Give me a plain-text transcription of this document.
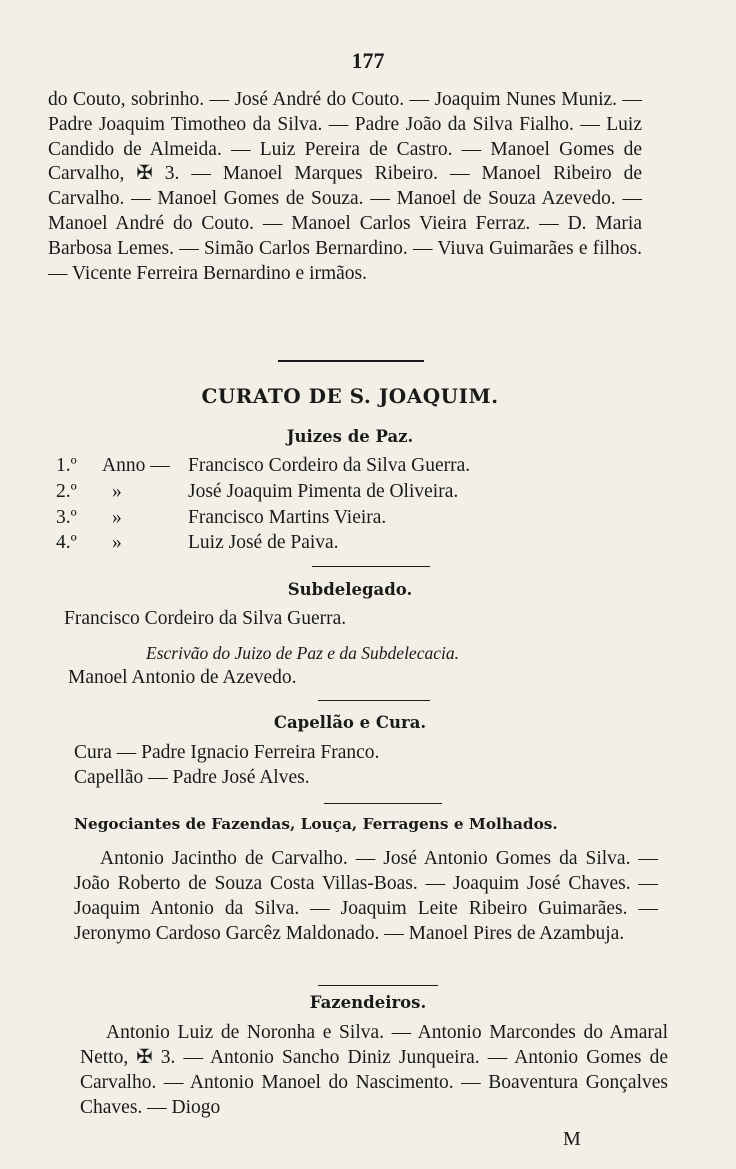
177
do Couto, sobrinho. — José André do Couto. — Joaquim Nunes Muniz. — Padre Joaquim Timotheo da Silva. — Padre João da Silva Fialho. — Luiz Candido de Almeida. — Luiz Pereira de Castro. — Manoel Gomes de Carvalho, ✠ 3. — Manoel Marques Ribeiro. — Manoel Ribeiro de Carvalho. — Manoel Gomes de Souza. — Manoel de Souza Azevedo. — Manoel André do Couto. — Manoel Carlos Vieira Ferraz. — D. Maria Barbosa Lemes. — Simão Carlos Bernardino. — Viuva Guimarães e filhos. — Vicente Ferreira Bernardino e irmãos.
CURATO DE S. JOAQUIM.
Juizes de Paz.
1.º Anno — Francisco Cordeiro da Silva Guerra.
2.º »	José Joaquim Pimenta de Oliveira.
3.º »	Francisco Martins Vieira.
4.º »	Luiz José de Paiva.
Subdelegado.
Francisco Cordeiro da Silva Guerra.
Escrivão do Juizo de Paz e da Subdelecacia.
Manoel Antonio de Azevedo.
Capellão e Cura.
Cura — Padre Ignacio Ferreira Franco.
Capellão — Padre José Alves.
Negociantes de Fazendas, Louça, Ferragens e Molhados.
Antonio Jacintho de Carvalho. — José Antonio Gomes da Silva. — João Roberto de Souza Costa Villas-Boas. — Joaquim José Chaves. — Joaquim Antonio da Silva. — Joaquim Leite Ribeiro Guimarães. — Jeronymo Cardoso Garcêz Maldonado. — Manoel Pires de Azambuja.
Fazendeiros.
Antonio Luiz de Noronha e Silva. — Antonio Marcondes do Amaral Netto, ✠ 3. — Antonio Sancho Diniz Junqueira. — Antonio Gomes de Carvalho. — Antonio Manoel do Nascimento. — Boaventura Gonçalves Chaves. — Diogo
M
